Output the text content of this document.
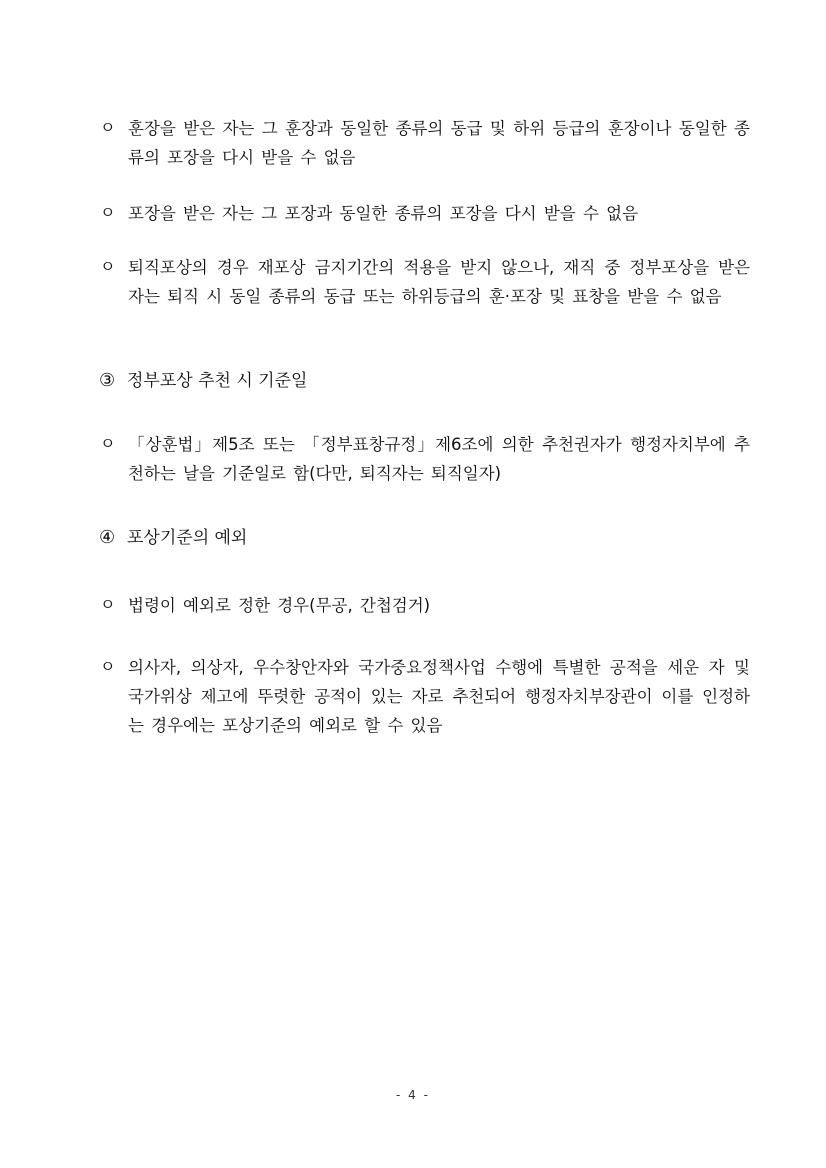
ㅇ 훈장을 받은 자는 그 훈장과 동일한 종류의 동급 및 하위 등급의 훈장이나 동일한 종류의 포장을 다시 받을 수 없음
ㅇ 포장을 받은 자는 그 포장과 동일한 종류의 포장을 다시 받을 수 없음
ㅇ 퇴직포상의 경우 재포상 금지기간의 적용을 받지 않으나, 재직 중 정부포상을 받은 자는 퇴직 시 동일 종류의 동급 또는 하위등급의 훈·포장 및 표창을 받을 수 없음
③ 정부포상 추천 시 기준일
ㅇ 「상훈법」제5조 또는 「정부표창규정」제6조에 의한 추천권자가 행정자치부에 추천하는 날을 기준일로 함(다만, 퇴직자는 퇴직일자)
④ 포상기준의 예외
ㅇ 법령이 예외로 정한 경우(무공, 간첩검거)
ㅇ 의사자, 의상자, 우수창안자와 국가중요정책사업 수행에 특별한 공적을 세운 자 및 국가위상 제고에 뚜렷한 공적이 있는 자로 추천되어 행정자치부장관이 이를 인정하는 경우에는 포상기준의 예외로 할 수 있음
- 4 -
